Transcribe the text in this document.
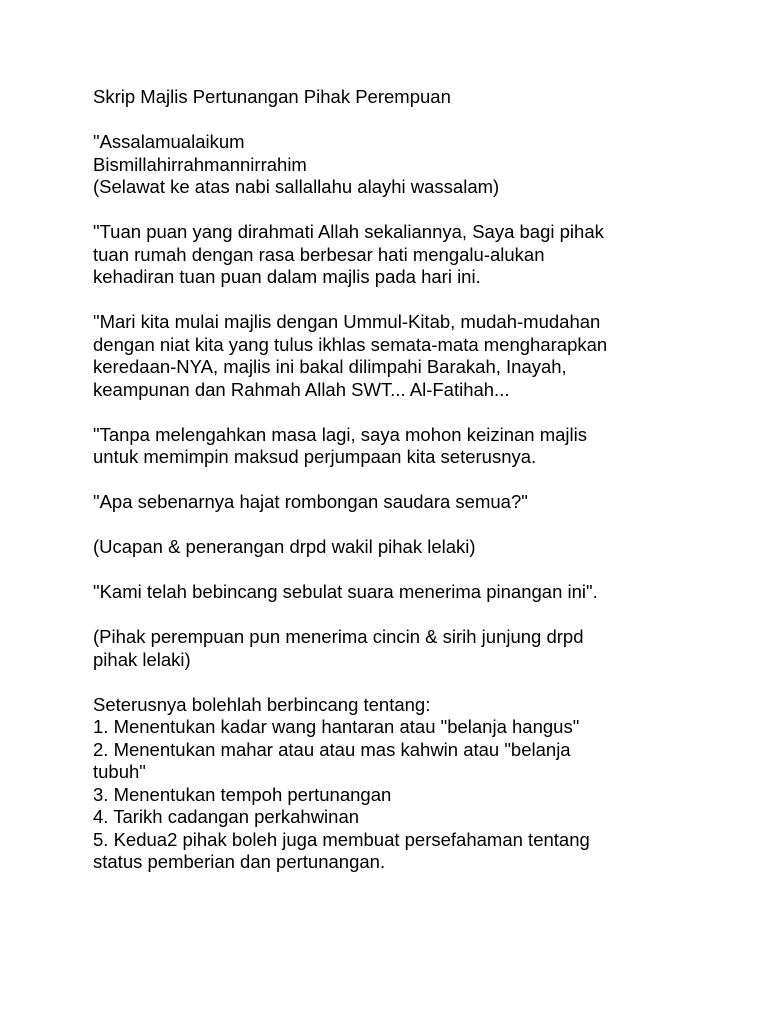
Skrip Majlis Pertunangan Pihak Perempuan

"Assalamualaikum
Bismillahirrahmannirrahim
(Selawat ke atas nabi sallallahu alayhi wassalam)

"Tuan puan yang dirahmati Allah sekaliannya, Saya bagi pihak
tuan rumah dengan rasa berbesar hati mengalu-alukan
kehadiran tuan puan dalam majlis pada hari ini.

"Mari kita mulai majlis dengan Ummul-Kitab, mudah-mudahan
dengan niat kita yang tulus ikhlas semata-mata mengharapkan
keredaan-NYA, majlis ini bakal dilimpahi Barakah, Inayah,
keampunan dan Rahmah Allah SWT... Al-Fatihah...

"Tanpa melengahkan masa lagi, saya mohon keizinan majlis
untuk memimpin maksud perjumpaan kita seterusnya.

"Apa sebenarnya hajat rombongan saudara semua?"

(Ucapan & penerangan drpd wakil pihak lelaki)

"Kami telah bebincang sebulat suara menerima pinangan ini".

(Pihak perempuan pun menerima cincin & sirih junjung drpd
pihak lelaki)

Seterusnya bolehlah berbincang tentang:
1. Menentukan kadar wang hantaran atau "belanja hangus"
2. Menentukan mahar atau atau mas kahwin atau "belanja
tubuh"
3. Menentukan tempoh pertunangan
4. Tarikh cadangan perkahwinan
5. Kedua2 pihak boleh juga membuat persefahaman tentang
status pemberian dan pertunangan.
